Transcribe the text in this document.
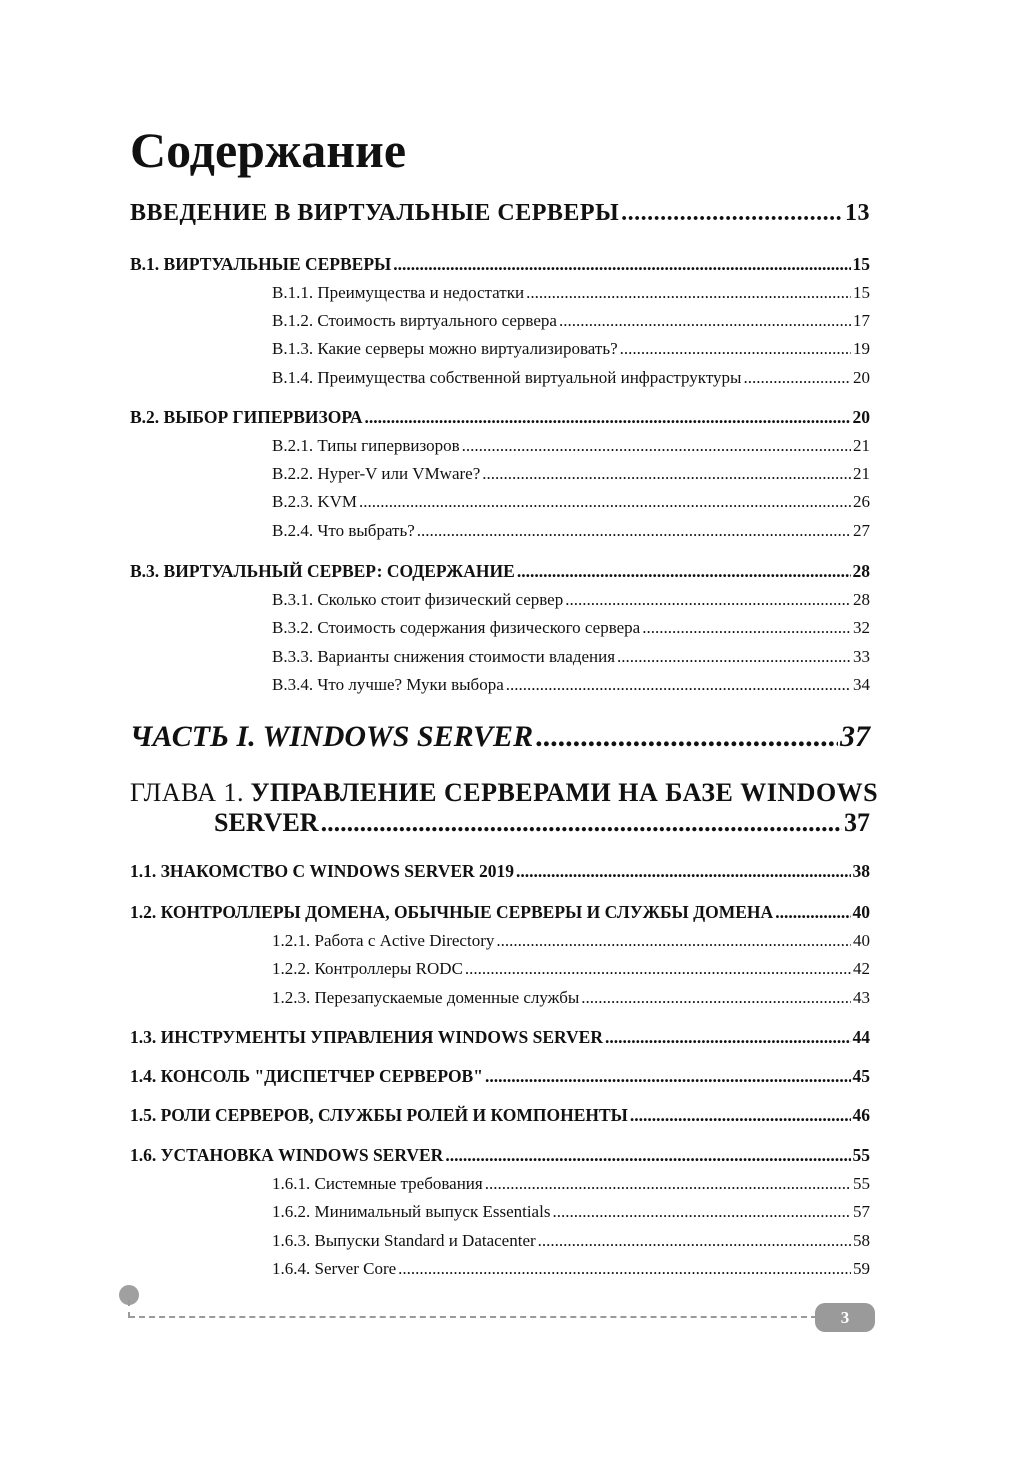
Содержание
ВВЕДЕНИЕ В ВИРТУАЛЬНЫЕ СЕРВЕРЫ .....	13
B.1. ВИРТУАЛЬНЫЕ СЕРВЕРЫ .....	15
B.1.1. Преимущества и недостатки .....	15
B.1.2. Стоимость виртуального сервера .....	17
B.1.3. Какие серверы можно виртуализировать? .....	19
B.1.4. Преимущества собственной виртуальной инфраструктуры .....	20
B.2. ВЫБОР ГИПЕРВИЗОРА .....	20
B.2.1. Типы гипервизоров .....	21
B.2.2. Hyper-V или VMware? .....	21
B.2.3. KVM .....	26
B.2.4. Что выбрать? .....	27
B.3. ВИРТУАЛЬНЫЙ СЕРВЕР: СОДЕРЖАНИЕ .....	28
B.3.1. Сколько стоит физический сервер .....	28
B.3.2. Стоимость содержания физического сервера .....	32
B.3.3. Варианты снижения стоимости владения .....	33
B.3.4. Что лучше? Муки выбора .....	34
ЧАСТЬ I. WINDOWS SERVER .....	37
ГЛАВА 1. УПРАВЛЕНИЕ СЕРВЕРАМИ НА БАЗЕ WINDOWS
SERVER .....	37
1.1. ЗНАКОМСТВО С WINDOWS SERVER 2019 .....	38
1.2. КОНТРОЛЛЕРЫ ДОМЕНА, ОБЫЧНЫЕ СЕРВЕРЫ И СЛУЖБЫ ДОМЕНА .....	40
1.2.1. Работа с Active Directory .....	40
1.2.2. Контроллеры RODC .....	42
1.2.3. Перезапускаемые доменные службы .....	43
1.3. ИНСТРУМЕНТЫ УПРАВЛЕНИЯ WINDOWS SERVER .....	44
1.4. КОНСОЛЬ "ДИСПЕТЧЕР СЕРВЕРОВ" .....	45
1.5. РОЛИ СЕРВЕРОВ, СЛУЖБЫ РОЛЕЙ И КОМПОНЕНТЫ .....	46
1.6. УСТАНОВКА WINDOWS SERVER .....	55
1.6.1. Системные требования .....	55
1.6.2. Минимальный выпуск Essentials .....	57
1.6.3. Выпуски Standard и Datacenter .....	58
1.6.4. Server Core .....	59
3
